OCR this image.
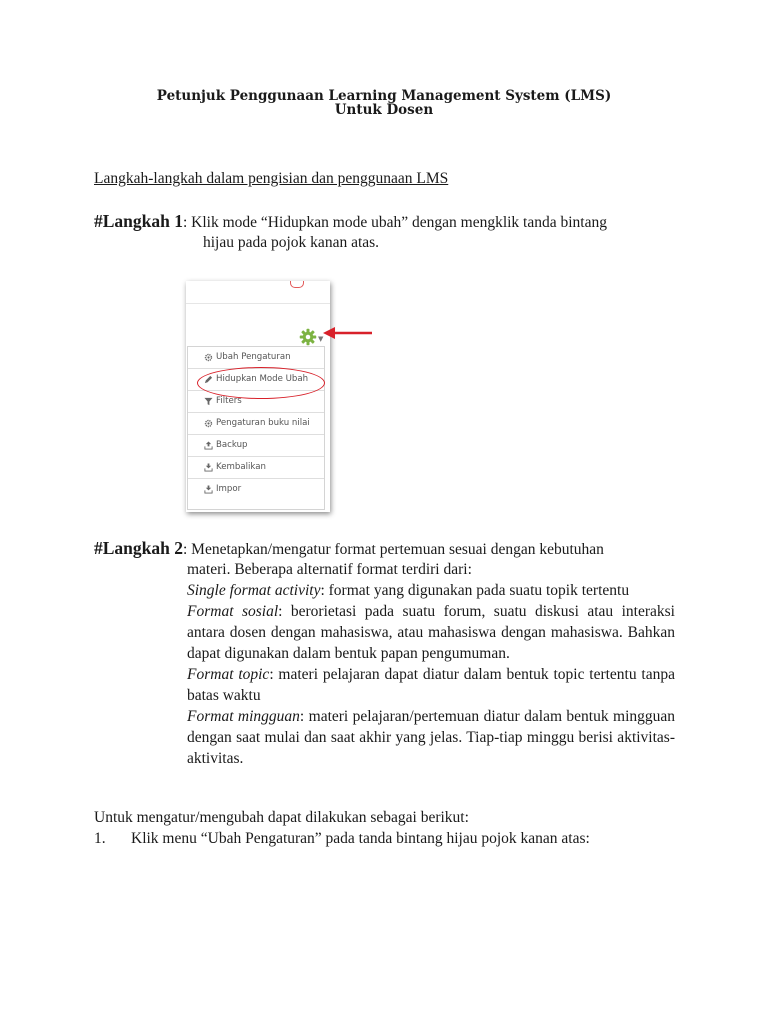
Petunjuk Penggunaan Learning Management System (LMS)
Untuk Dosen
Langkah-langkah dalam pengisian dan penggunaan LMS
#Langkah 1: Klik mode “Hidupkan mode ubah” dengan mengklik tanda bintang
hijau pada pojok kanan atas.
▼
Ubah Pengaturan
Hidupkan Mode Ubah
Filters
Pengaturan buku nilai
Backup
Kembalikan
Impor
#Langkah 2: Menetapkan/mengatur format pertemuan sesuai dengan kebutuhan
materi. Beberapa alternatif format terdiri dari:
Single format activity: format yang digunakan pada suatu topik tertentu
Format sosial: berorietasi pada suatu forum, suatu diskusi atau interaksi antara dosen dengan mahasiswa, atau mahasiswa dengan mahasiswa. Bahkan dapat digunakan dalam bentuk papan pengumuman.
Format topic: materi pelajaran dapat diatur dalam bentuk topic tertentu tanpa batas waktu
Format mingguan: materi pelajaran/pertemuan diatur dalam bentuk mingguan dengan saat mulai dan saat akhir yang jelas. Tiap-tiap minggu berisi aktivitas-aktivitas.
Untuk mengatur/mengubah dapat dilakukan sebagai berikut:
1. Klik menu “Ubah Pengaturan” pada tanda bintang hijau pojok kanan atas:
